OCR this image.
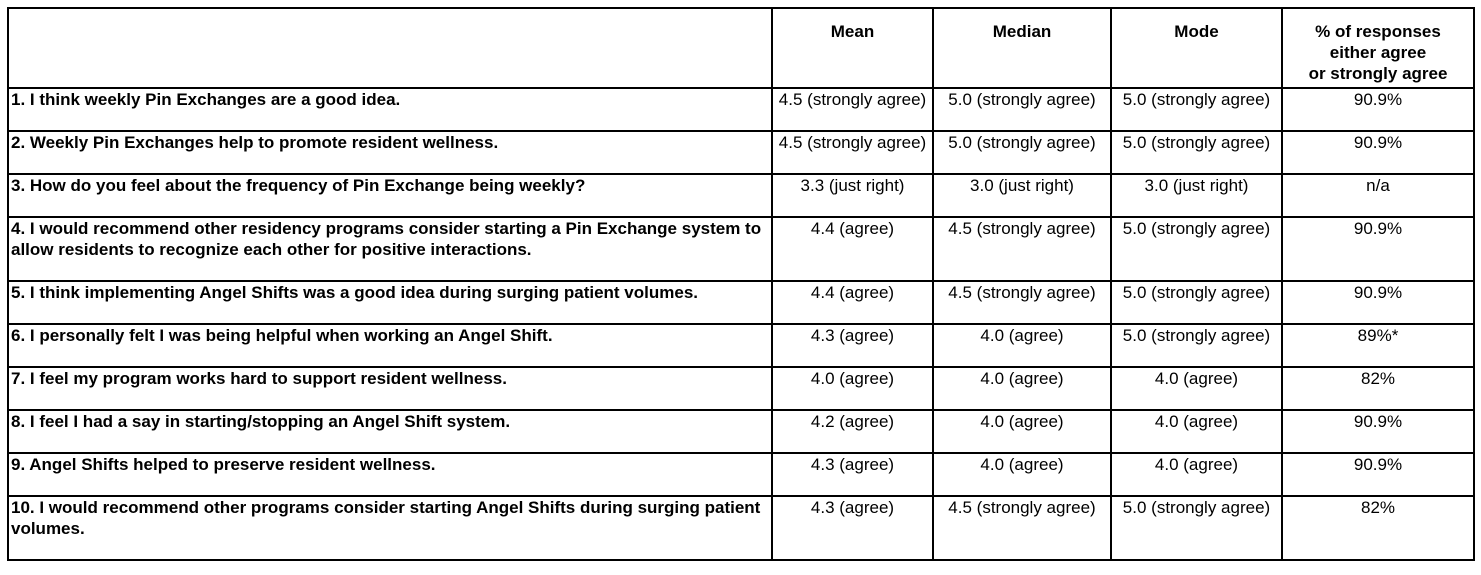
	Mean	Median	Mode	% of responses
either agree
or strongly agree

1. I think weekly Pin Exchanges are a good idea.	4.5 (strongly agree)	5.0 (strongly agree)	5.0 (strongly agree)	90.9%
2. Weekly Pin Exchanges help to promote resident wellness.	4.5 (strongly agree)	5.0 (strongly agree)	5.0 (strongly agree)	90.9%
3. How do you feel about the frequency of Pin Exchange being weekly?	3.3 (just right)	3.0 (just right)	3.0 (just right)	n/a
4. I would recommend other residency programs consider starting a Pin Exchange system to allow residents to recognize each other for positive interactions.	4.4 (agree)	4.5 (strongly agree)	5.0 (strongly agree)	90.9%
5. I think implementing Angel Shifts was a good idea during surging patient volumes.	4.4 (agree)	4.5 (strongly agree)	5.0 (strongly agree)	90.9%
6. I personally felt I was being helpful when working an Angel Shift.	4.3 (agree)	4.0 (agree)	5.0 (strongly agree)	89%*
7. I feel my program works hard to support resident wellness.	4.0 (agree)	4.0 (agree)	4.0 (agree)	82%
8. I feel I had a say in starting/stopping an Angel Shift system.	4.2 (agree)	4.0 (agree)	4.0 (agree)	90.9%
9. Angel Shifts helped to preserve resident wellness.	4.3 (agree)	4.0 (agree)	4.0 (agree)	90.9%
10. I would recommend other programs consider starting Angel Shifts during surging patient volumes.	4.3 (agree)	4.5 (strongly agree)	5.0 (strongly agree)	82%
